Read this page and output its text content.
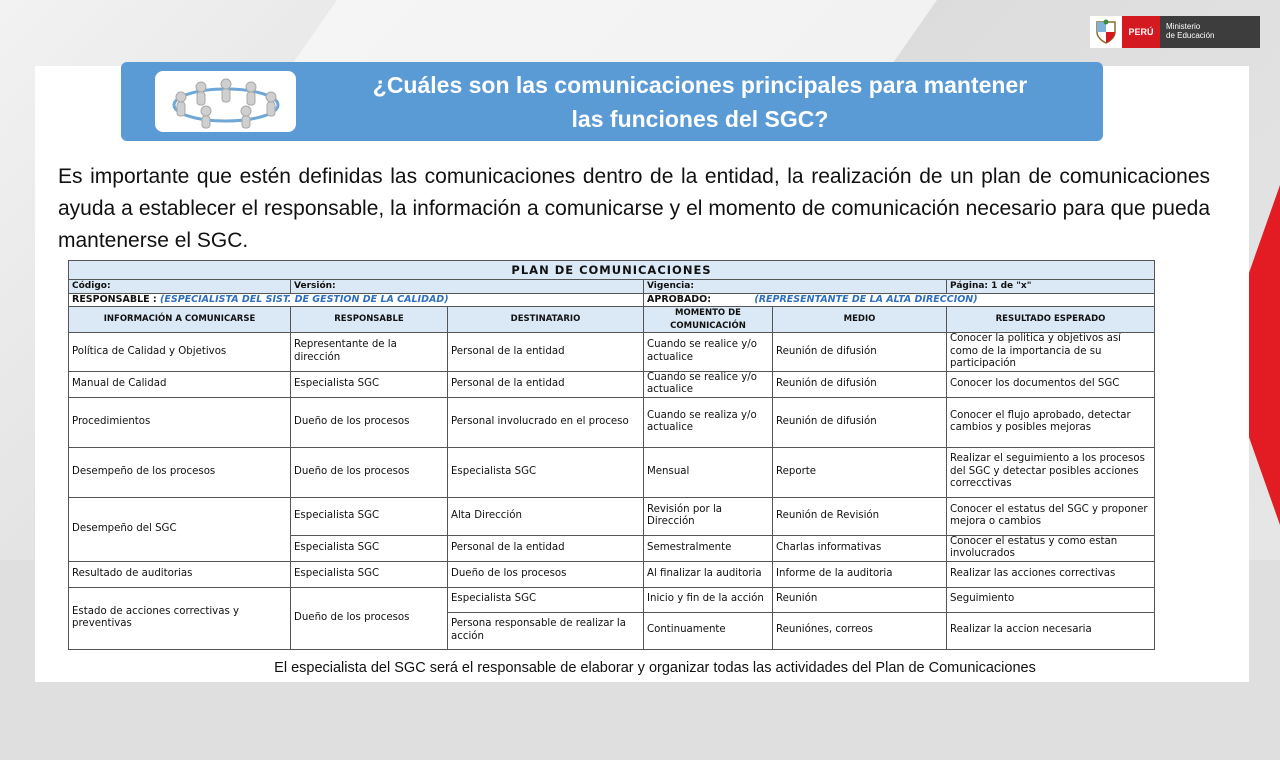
PERÚ
Ministerio
de Educación
¿Cuáles son las comunicaciones principales para mantener
las funciones del SGC?
Es importante que estén definidas las comunicaciones dentro de la entidad, la realización de un plan de comunicaciones ayuda a establecer el responsable, la información a comunicarse y el momento de comunicación necesario para que pueda mantenerse el SGC.
PLAN DE COMUNICACIONES					
Código:	Versión:		Vigencia:		Página: 1 de "x"
RESPONSABLE : (ESPECIALISTA DEL SIST. DE GESTIÓN DE LA CALIDAD)			APROBADO: (REPRESENTANTE DE LA ALTA DIRECCIÓN)		
INFORMACIÓN A COMUNICARSE	RESPONSABLE	DESTINATARIO	MOMENTO DE COMUNICACIÓN	MEDIO	RESULTADO ESPERADO
Política de Calidad y Objetivos	Representante de la dirección	Personal de la entidad	Cuando se realice y/o actualice	Reunión de difusión	Conocer la politica y objetivos así como de la importancia de su participación
Manual de Calidad	Especialista SGC	Personal de la entidad	Cuando se realice y/o actualice	Reunión de difusión	Conocer los documentos del SGC
Procedimientos	Dueño de los procesos	Personal involucrado en el proceso	Cuando se realiza y/o actualice	Reunión de difusión	Conocer el flujo aprobado, detectar cambios y posibles mejoras
Desempeño de los procesos	Dueño de los procesos	Especialista SGC	Mensual	Reporte	Realizar el seguimiento a los procesos del SGC y detectar posibles acciones correcctivas
Desempeño del SGC	Especialista SGC	Alta Dirección	Revisión por la Dirección	Reunión de Revisión	Conocer el estatus del SGC y proponer mejora o cambios
	Especialista SGC	Personal de la entidad	Semestralmente	Charlas informativas	Conocer el estatus y como estan involucrados
Resultado de auditorias	Especialista SGC	Dueño de los procesos	Al finalizar la auditoria	Informe de la auditoria	Realizar las acciones correctivas
Estado de acciones correctivas y preventivas	Dueño de los procesos	Especialista SGC	Inicio y fin de la acción	Reunión	Seguimiento
		Persona responsable de realizar la acción	Continuamente	Reuniónes, correos	Realizar la accion necesaria
El especialista del SGC será el responsable de elaborar y organizar todas las actividades del Plan de Comunicaciones
